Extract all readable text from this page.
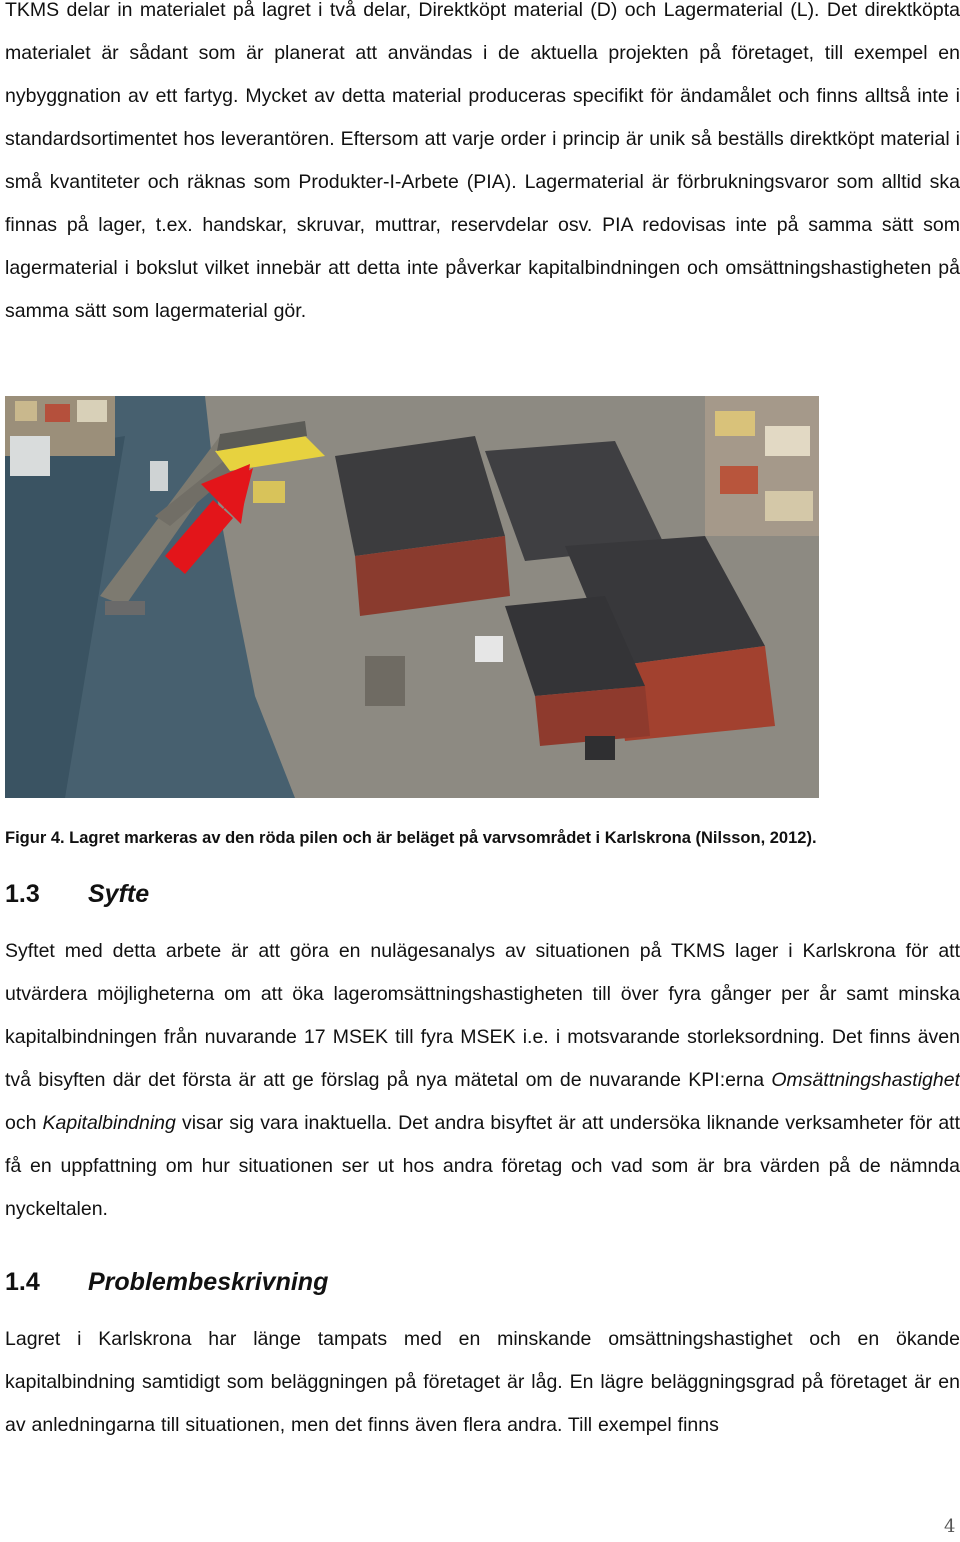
TKMS delar in materialet på lagret i två delar, Direktköpt material (D) och Lagermaterial (L). Det direktköpta materialet är sådant som är planerat att användas i de aktuella projekten på företaget, till exempel en nybyggnation av ett fartyg. Mycket av detta material produceras specifikt för ändamålet och finns alltså inte i standardsortimentet hos leverantören. Eftersom att varje order i princip är unik så beställs direktköpt material i små kvantiteter och räknas som Produkter-I-Arbete (PIA). Lagermaterial är förbrukningsvaror som alltid ska finnas på lager, t.ex. handskar, skruvar, muttrar, reservdelar osv. PIA redovisas inte på samma sätt som lagermaterial i bokslut vilket innebär att detta inte påverkar kapitalbindningen och omsättningshastigheten på samma sätt som lagermaterial gör.

Figur 4. Lagret markeras av den röda pilen och är beläget på varvsområdet i Karlskrona (Nilsson, 2012).

1.3 Syfte

Syftet med detta arbete är att göra en nulägesanalys av situationen på TKMS lager i Karlskrona för att utvärdera möjligheterna om att öka lageromsättningshastigheten till över fyra gånger per år samt minska kapitalbindningen från nuvarande 17 MSEK till fyra MSEK i.e. i motsvarande storleksordning. Det finns även två bisyften där det första är att ge förslag på nya mätetal om de nuvarande KPI:erna Omsättningshastighet och Kapitalbindning visar sig vara inaktuella. Det andra bisyftet är att undersöka liknande verksamheter för att få en uppfattning om hur situationen ser ut hos andra företag och vad som är bra värden på de nämnda nyckeltalen.

1.4 Problembeskrivning

Lagret i Karlskrona har länge tampats med en minskande omsättningshastighet och en ökande kapitalbindning samtidigt som beläggningen på företaget är låg. En lägre beläggningsgrad på företaget är en av anledningarna till situationen, men det finns även flera andra. Till exempel finns

4
